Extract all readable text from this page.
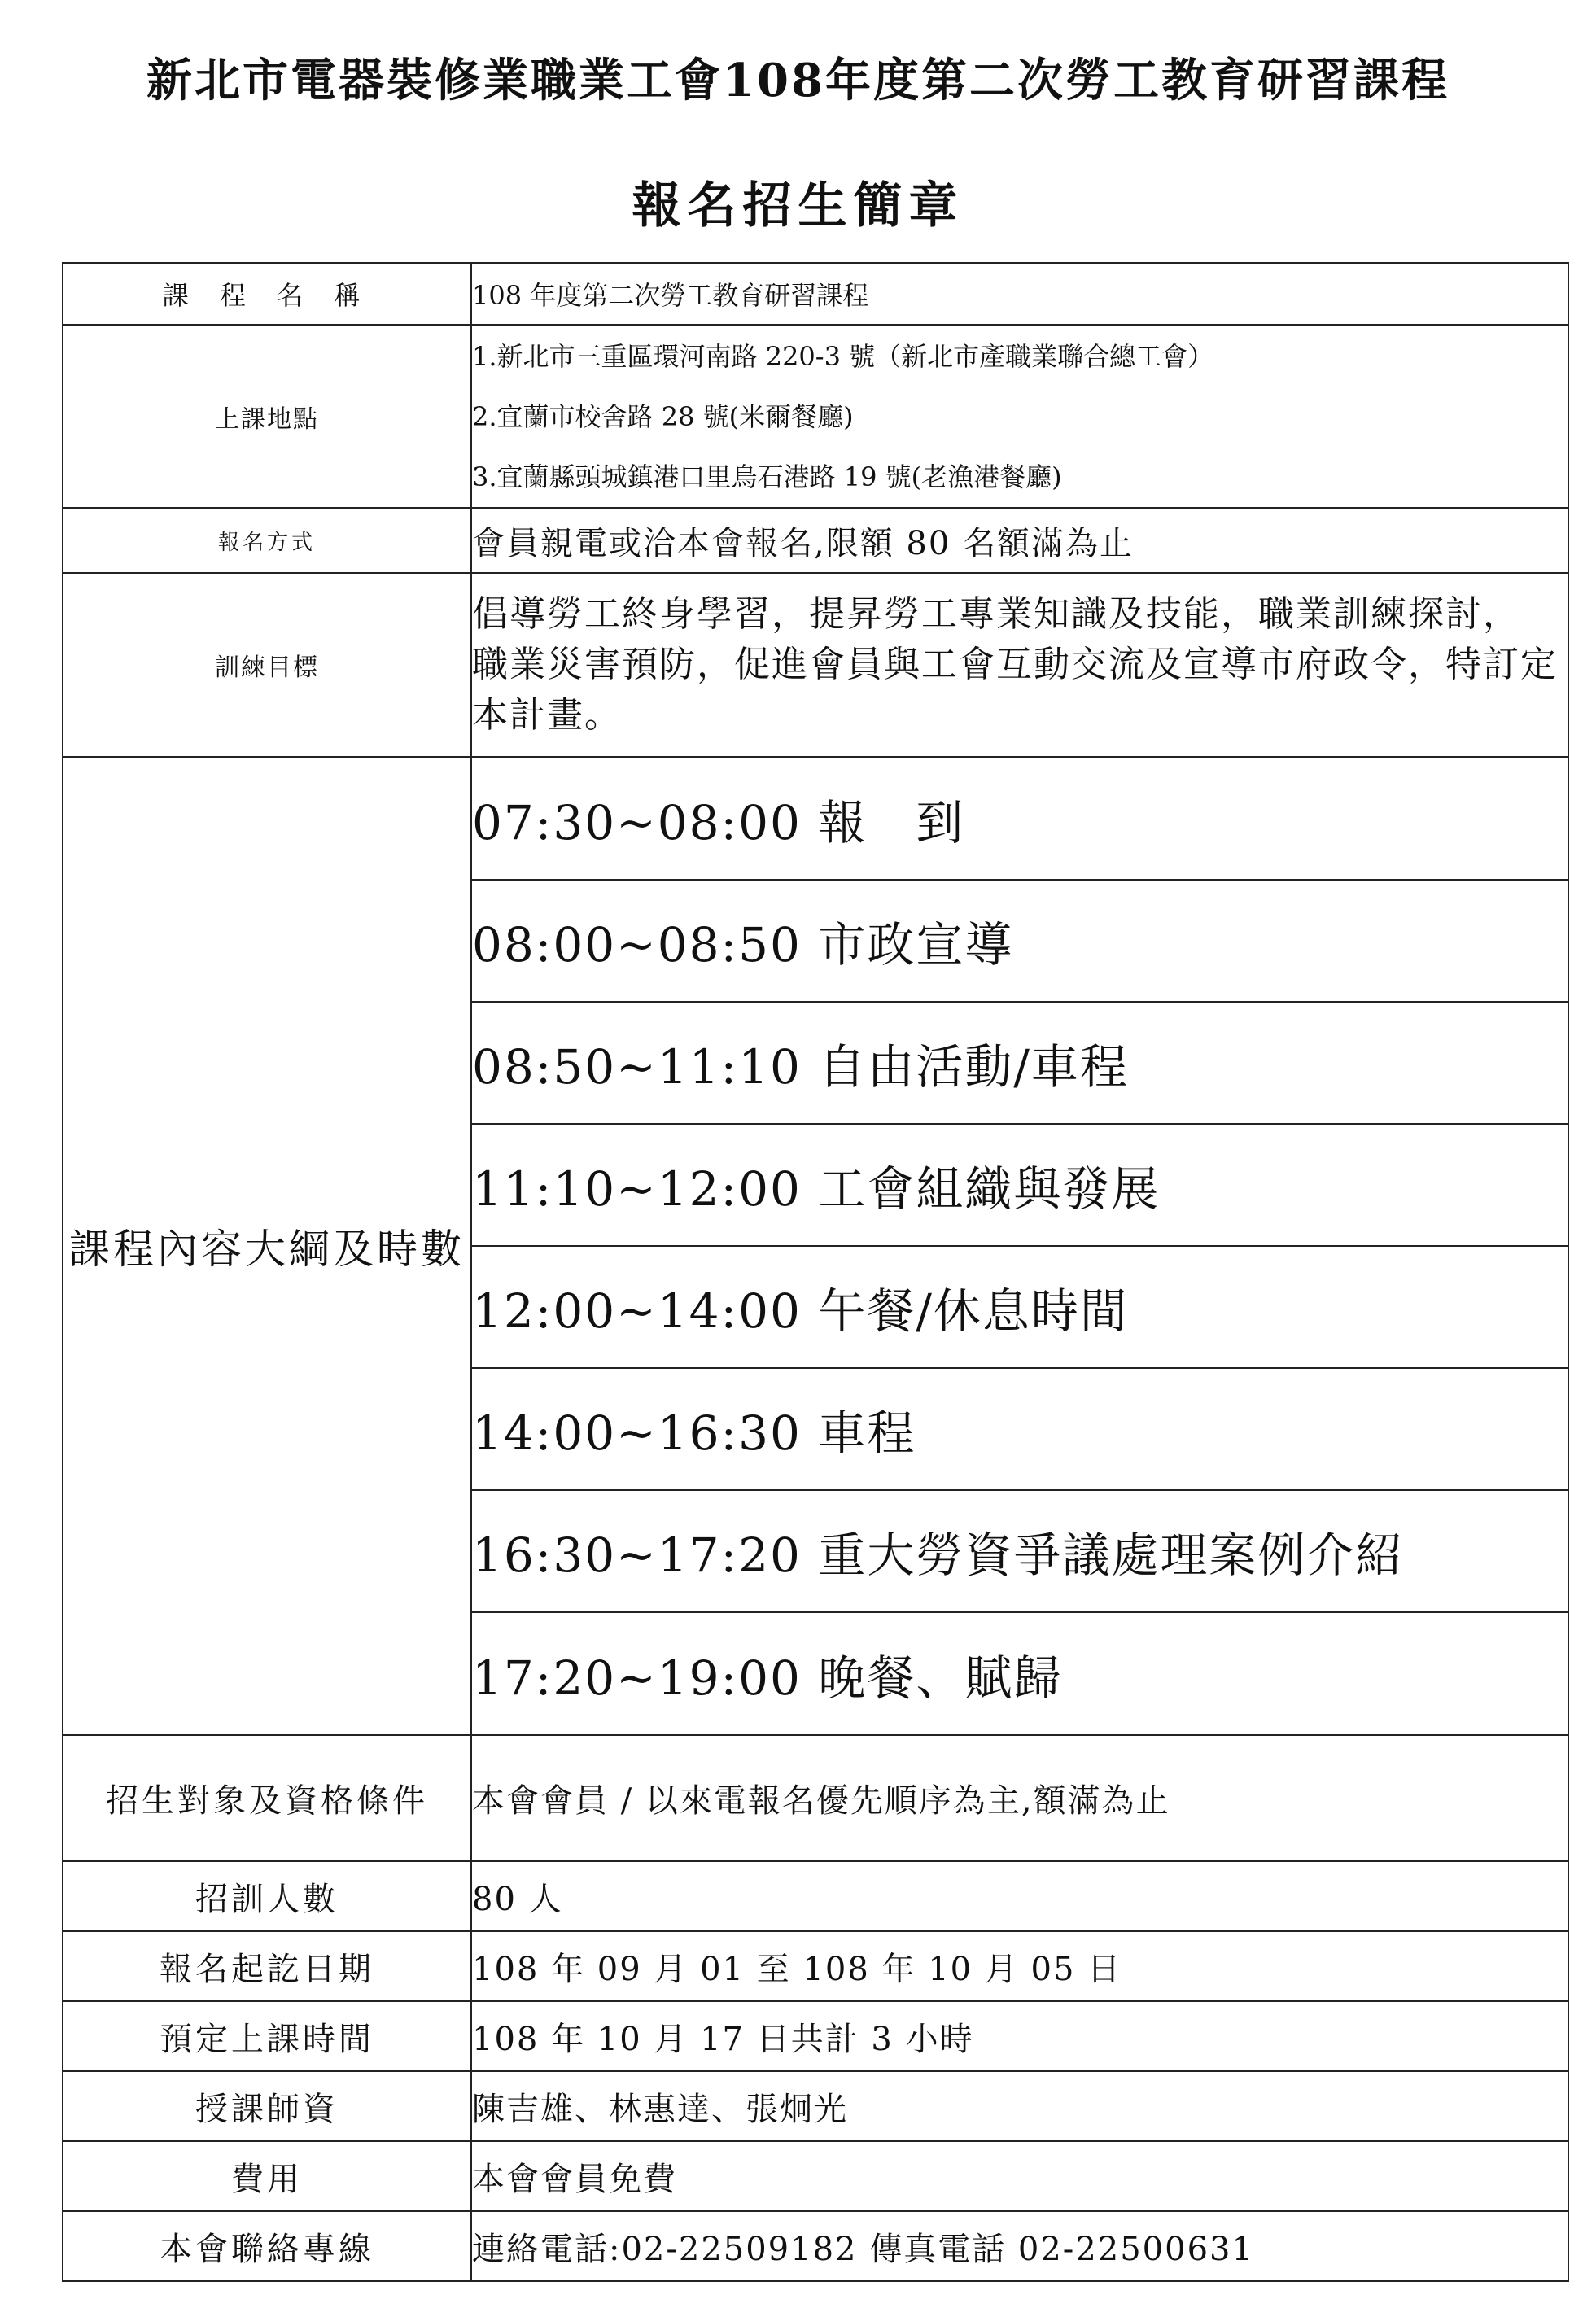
新北市電器裝修業職業工會108年度第二次勞工教育研習課程
報名招生簡章
課 程 名 稱	108 年度第二次勞工教育研習課程
上課地點	
1.新北市三重區環河南路 220-3 號（新北市產職業聯合總工會）
2.宜蘭市校舍路 28 號(米爾餐廳)
3.宜蘭縣頭城鎮港口里烏石港路 19 號(老漁港餐廳)

報名方式	會員親電或洽本會報名,限額 80 名額滿為止
訓練目標	倡導勞工終身學習，提昇勞工專業知識及技能，職業訓練探討， 職業災害預防，促進會員與工會互動交流及宣導市府政令，特訂定本計畫。
課程內容大綱及時數	
07:30~08:00 報　到
08:00~08:50 市政宣導
08:50~11:10 自由活動/車程
11:10~12:00 工會組織與發展
12:00~14:00 午餐/休息時間
14:00~16:30 車程
16:30~17:20 重大勞資爭議處理案例介紹
17:20~19:00 晚餐、賦歸

招生對象及資格條件	本會會員 / 以來電報名優先順序為主,額滿為止
招訓人數	80 人
報名起訖日期	108 年 09 月 01 至 108 年 10 月 05 日
預定上課時間	108 年 10 月 17 日共計 3 小時
授課師資	陳吉雄、林惠達、張炯光
費用	本會會員免費
本會聯絡專線	連絡電話:02-22509182 傳真電話 02-22500631
